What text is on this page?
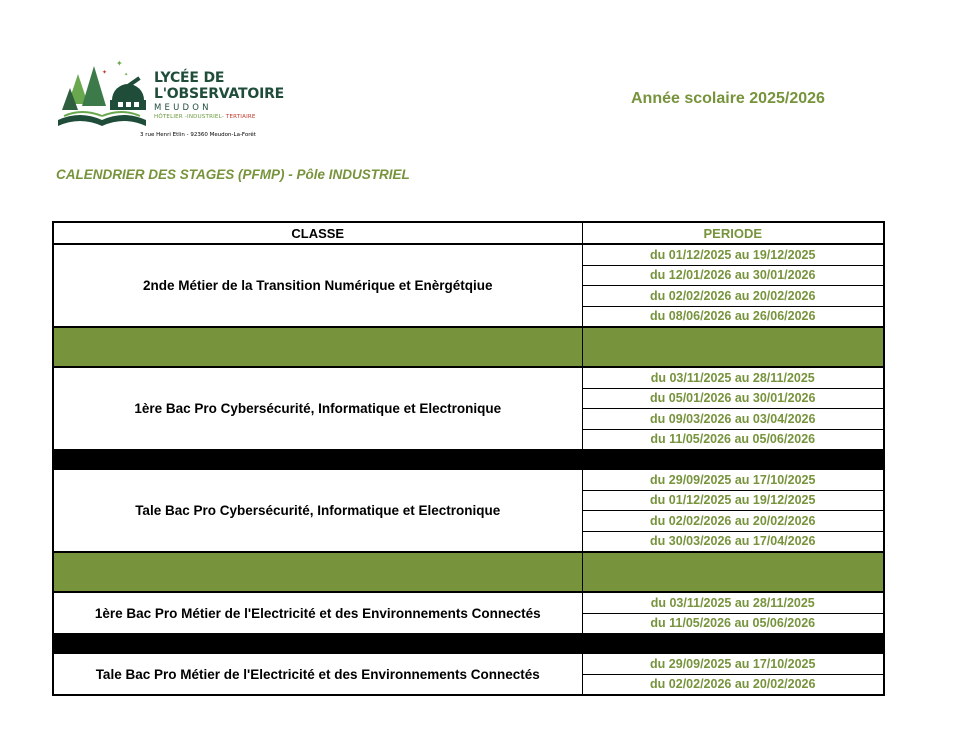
✦
✦	✦ LYCÉE DE
L'OBSERVATOIRE
MEUDON
HÔTELIER -INDUSTRIEL- TERTIAIRE
3 rue Henri Etlin - 92360 Meudon-La-Forêt
Année scolaire 2025/2026
CALENDRIER DES STAGES (PFMP) - Pôle INDUSTRIEL
CLASSE	PERIODE
2nde Métier de la Transition Numérique et Enèrgétqiue	du 01/12/2025 au 19/12/2025
	du 12/01/2026 au 30/01/2026
	du 02/02/2026 au 20/02/2026
	du 08/06/2026 au 26/06/2026

1ère Bac Pro Cybersécurité, Informatique et Electronique	du 03/11/2025 au 28/11/2025
	du 05/01/2026 au 30/01/2026
	du 09/03/2026 au 03/04/2026
	du 11/05/2026 au 05/06/2026

Tale Bac Pro Cybersécurité, Informatique et Electronique	du 29/09/2025 au 17/10/2025
	du 01/12/2025 au 19/12/2025
	du 02/02/2026 au 20/02/2026
	du 30/03/2026 au 17/04/2026

1ère Bac Pro Métier de l'Electricité et des Environnements Connectés	du 03/11/2025 au 28/11/2025
	du 11/05/2026 au 05/06/2026

Tale Bac Pro Métier de l'Electricité et des Environnements Connectés	du 29/09/2025 au 17/10/2025
	du 02/02/2026 au 20/02/2026
